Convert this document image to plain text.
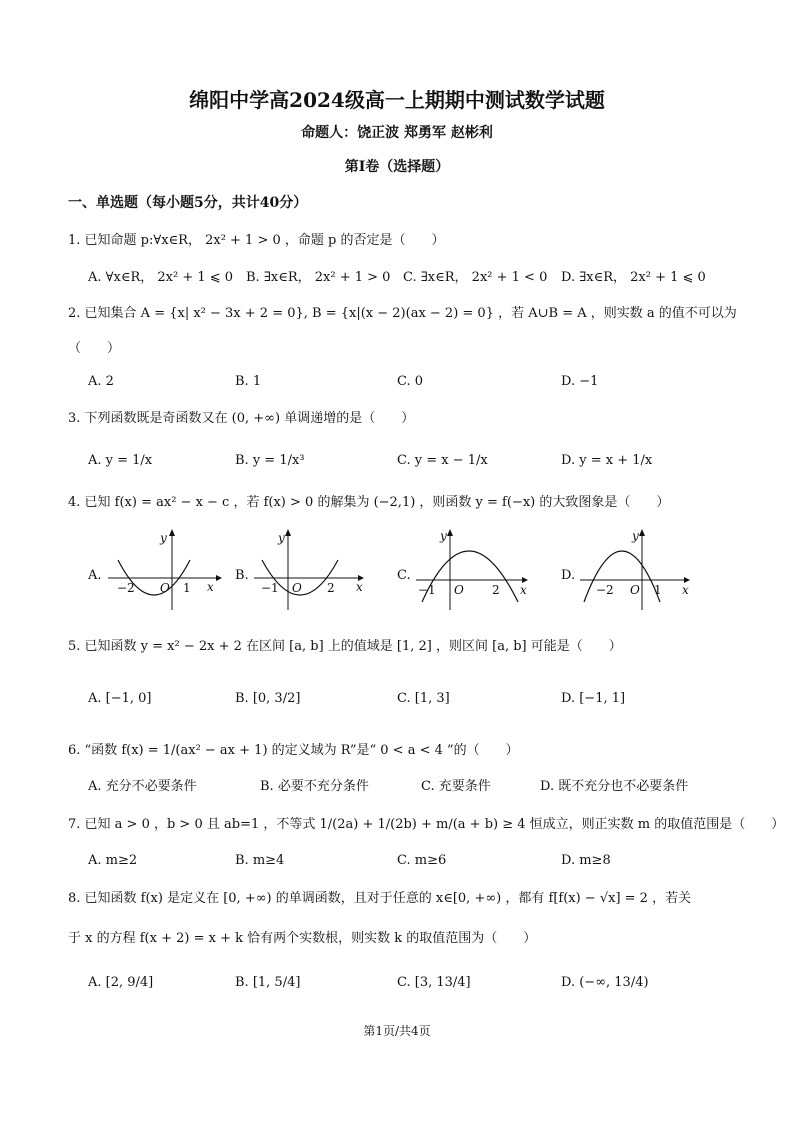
绵阳中学高2024级高一上期期中测试数学试题
命题人：饶正波 郑勇军 赵彬利
第Ⅰ卷（选择题）
一、单选题（每小题5分，共计40分）
1. 已知命题 p:∀x∈R， 2x² + 1 > 0 ，命题 p 的否定是（　　）
A. ∀x∈R， 2x² + 1 ⩽ 0 B. ∃x∈R， 2x² + 1 > 0 C. ∃x∈R， 2x² + 1 < 0 D. ∃x∈R， 2x² + 1 ⩽ 0
2. 已知集合 A = {x| x² − 3x + 2 = 0}, B = {x|(x − 2)(ax − 2) = 0} ，若 A∪B = A ，则实数 a 的值不可以为
（　　）
A. 2	B. 1	C. 0	D. −1
3. 下列函数既是奇函数又在 (0, +∞) 单调递增的是（　　）
A. y = 1/x	B. y = 1/x³	C. y = x − 1/x	D. y = x + 1/x
4. 已知 f(x) = ax² − x − c ，若 f(x) > 0 的解集为 (−2,1) ，则函数 y = f(−x) 的大致图象是（　　）
A.
y
x
O
−2	1
B.
y
x
O
−1	2
C.
y
x
O
−1	2
D.
y
x
O
−2	1
5. 已知函数 y = x² − 2x + 2 在区间 [a, b] 上的值域是 [1, 2] ，则区间 [a, b] 可能是（　　）
A. [−1, 0]	B. [0, 3/2]	C. [1, 3]	D. [−1, 1]
6. “函数 f(x) = 1/(ax² − ax + 1) 的定义域为 R”是“ 0 < a < 4 ”的（　　）
A. 充分不必要条件	B. 必要不充分条件	C. 充要条件	D. 既不充分也不必要条件
7. 已知 a > 0 ，b > 0 且 ab=1 ，不等式 1/(2a) + 1/(2b) + m/(a + b) ≥ 4 恒成立，则正实数 m 的取值范围是（　　）
A. m≥2	B. m≥4	C. m≥6	D. m≥8
8. 已知函数 f(x) 是定义在 [0, +∞) 的单调函数，且对于任意的 x∈[0, +∞) ，都有 f[f(x) − √x] = 2 ，若关
于 x 的方程 f(x + 2) = x + k 恰有两个实数根，则实数 k 的取值范围为（　　）
A. [2, 9/4]	B. [1, 5/4]	C. [3, 13/4]	D. (−∞, 13/4)
第1页/共4页
